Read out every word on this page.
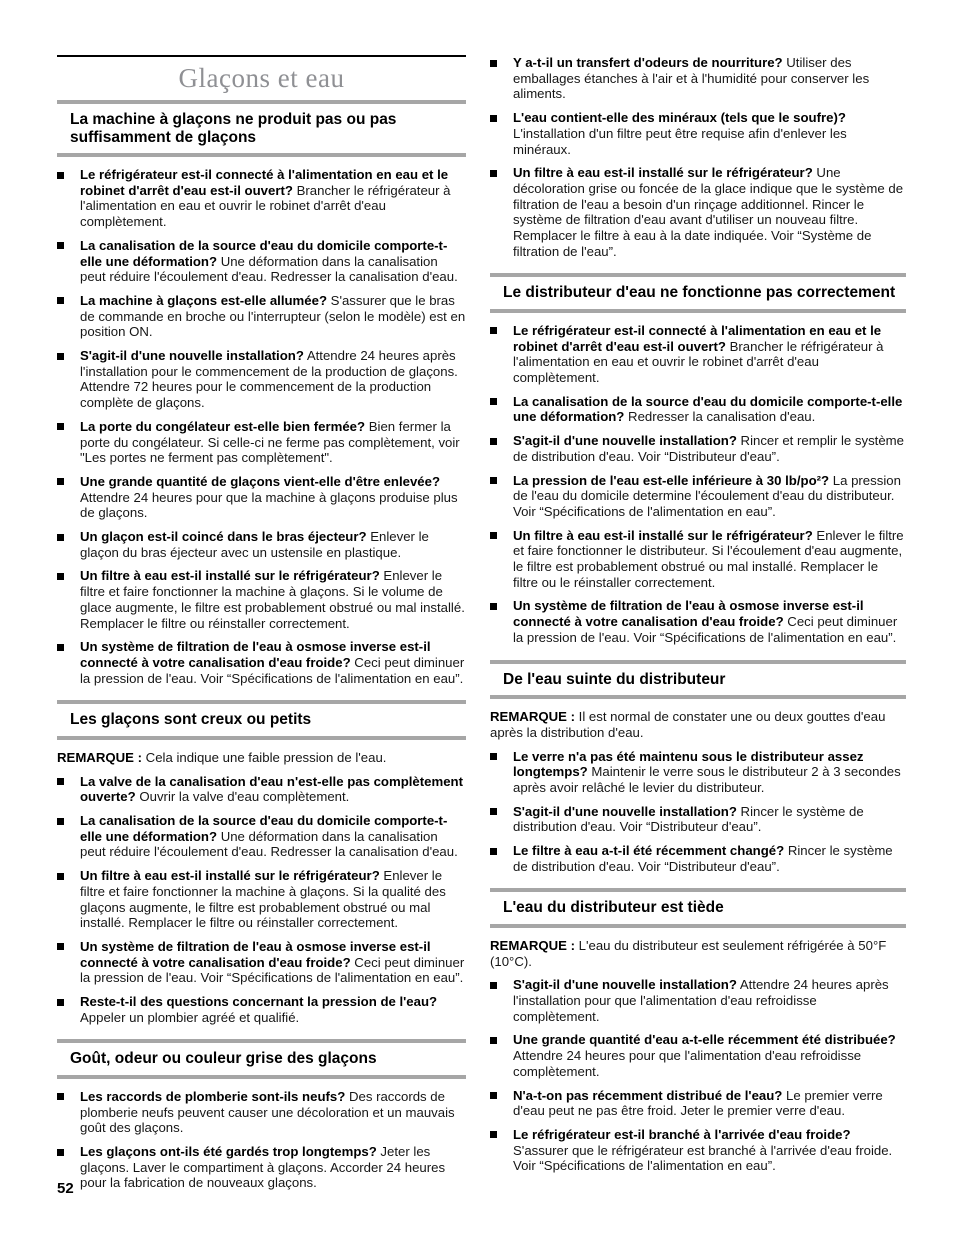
Glaçons et eau
La machine à glaçons ne produit pas ou pas suffisamment de glaçons

Le réfrigérateur est-il connecté à l'alimentation en eau et le robinet d'arrêt d'eau est-il ouvert? Brancher le réfrigérateur à l'alimentation en eau et ouvrir le robinet d'arrêt d'eau complètement.

La canalisation de la source d'eau du domicile comporte-t-elle une déformation? Une déformation dans la canalisation peut réduire l'écoulement d'eau. Redresser la canalisation d'eau.

La machine à glaçons est-elle allumée? S'assurer que le bras de commande en broche ou l'interrupteur (selon le modèle) est en position ON.

S'agit-il d'une nouvelle installation? Attendre 24 heures après l'installation pour le commencement de la production de glaçons. Attendre 72 heures pour le commencement de la production complète de glaçons.

La porte du congélateur est-elle bien fermée? Bien fermer la porte du congélateur. Si celle-ci ne ferme pas complètement, voir "Les portes ne ferment pas complètement".

Une grande quantité de glaçons vient-elle d'être enlevée? Attendre 24 heures pour que la machine à glaçons produise plus de glaçons.

Un glaçon est-il coincé dans le bras éjecteur? Enlever le glaçon du bras éjecteur avec un ustensile en plastique.

Un filtre à eau est-il installé sur le réfrigérateur? Enlever le filtre et faire fonctionner la machine à glaçons. Si le volume de glace augmente, le filtre est probablement obstrué ou mal installé. Remplacer le filtre ou réinstaller correctement.

Un système de filtration de l'eau à osmose inverse est-il connecté à votre canalisation d'eau froide? Ceci peut diminuer la pression de l'eau. Voir “Spécifications de l'alimentation en eau”.

Les glaçons sont creux ou petits

REMARQUE : Cela indique une faible pression de l'eau.

La valve de la canalisation d'eau n'est-elle pas complètement ouverte? Ouvrir la valve d'eau complètement.

La canalisation de la source d'eau du domicile comporte-t-elle une déformation? Une déformation dans la canalisation peut réduire l'écoulement d'eau. Redresser la canalisation d'eau.

Un filtre à eau est-il installé sur le réfrigérateur? Enlever le filtre et faire fonctionner la machine à glaçons. Si la qualité des glaçons augmente, le filtre est probablement obstrué ou mal installé. Remplacer le filtre ou réinstaller correctement.

Un système de filtration de l'eau à osmose inverse est-il connecté à votre canalisation d'eau froide? Ceci peut diminuer la pression de l'eau. Voir “Spécifications de l'alimentation en eau”.

Reste-t-il des questions concernant la pression de l'eau? Appeler un plombier agréé et qualifié.

Goût, odeur ou couleur grise des glaçons

Les raccords de plomberie sont-ils neufs? Des raccords de plomberie neufs peuvent causer une décoloration et un mauvais goût des glaçons.

Les glaçons ont-ils été gardés trop longtemps? Jeter les glaçons. Laver le compartiment à glaçons. Accorder 24 heures pour la fabrication de nouveaux glaçons.

Y a-t-il un transfert d'odeurs de nourriture? Utiliser des emballages étanches à l'air et à l'humidité pour conserver les aliments.

L'eau contient-elle des minéraux (tels que le soufre)? L'installation d'un filtre peut être requise afin d'enlever les minéraux.

Un filtre à eau est-il installé sur le réfrigérateur? Une décoloration grise ou foncée de la glace indique que le système de filtration de l'eau a besoin d'un rinçage additionnel. Rincer le système de filtration d'eau avant d'utiliser un nouveau filtre. Remplacer le filtre à eau à la date indiquée. Voir “Système de filtration de l'eau”.

Le distributeur d'eau ne fonctionne pas correctement

Le réfrigérateur est-il connecté à l'alimentation en eau et le robinet d'arrêt d'eau est-il ouvert? Brancher le réfrigérateur à l'alimentation en eau et ouvrir le robinet d'arrêt d'eau complètement.

La canalisation de la source d'eau du domicile comporte-t-elle une déformation? Redresser la canalisation d'eau.

S'agit-il d'une nouvelle installation? Rincer et remplir le système de distribution d'eau. Voir “Distributeur d'eau”.

La pression de l'eau est-elle inférieure à 30 lb/po²? La pression de l'eau du domicile determine l'écoulement d'eau du distributeur. Voir “Spécifications de l'alimentation en eau”.

Un filtre à eau est-il installé sur le réfrigérateur? Enlever le filtre et faire fonctionner le distributeur. Si l'écoulement d'eau augmente, le filtre est probablement obstrué ou mal installé. Remplacer le filtre ou le réinstaller correctement.

Un système de filtration de l'eau à osmose inverse est-il connecté à votre canalisation d'eau froide? Ceci peut diminuer la pression de l'eau. Voir “Spécifications de l'alimentation en eau”.

De l'eau suinte du distributeur

REMARQUE : Il est normal de constater une ou deux gouttes d'eau après la distribution d'eau.

Le verre n'a pas été maintenu sous le distributeur assez longtemps? Maintenir le verre sous le distributeur 2 à 3 secondes après avoir relâché le levier du distributeur.

S'agit-il d'une nouvelle installation? Rincer le système de distribution d'eau. Voir “Distributeur d'eau”.

Le filtre à eau a-t-il été récemment changé? Rincer le système de distribution d'eau. Voir “Distributeur d'eau”.

L'eau du distributeur est tiède

REMARQUE : L'eau du distributeur est seulement réfrigérée à 50°F (10°C).

S'agit-il d'une nouvelle installation? Attendre 24 heures après l'installation pour que l'alimentation d'eau refroidisse complètement.

Une grande quantité d'eau a-t-elle récemment été distribuée? Attendre 24 heures pour que l'alimentation d'eau refroidisse complètement.

N'a-t-on pas récemment distribué de l'eau? Le premier verre d'eau peut ne pas être froid. Jeter le premier verre d'eau.

Le réfrigérateur est-il branché à l'arrivée d'eau froide? S'assurer que le réfrigérateur est branché à l'arrivée d'eau froide. Voir “Spécifications de l'alimentation en eau”.

52
